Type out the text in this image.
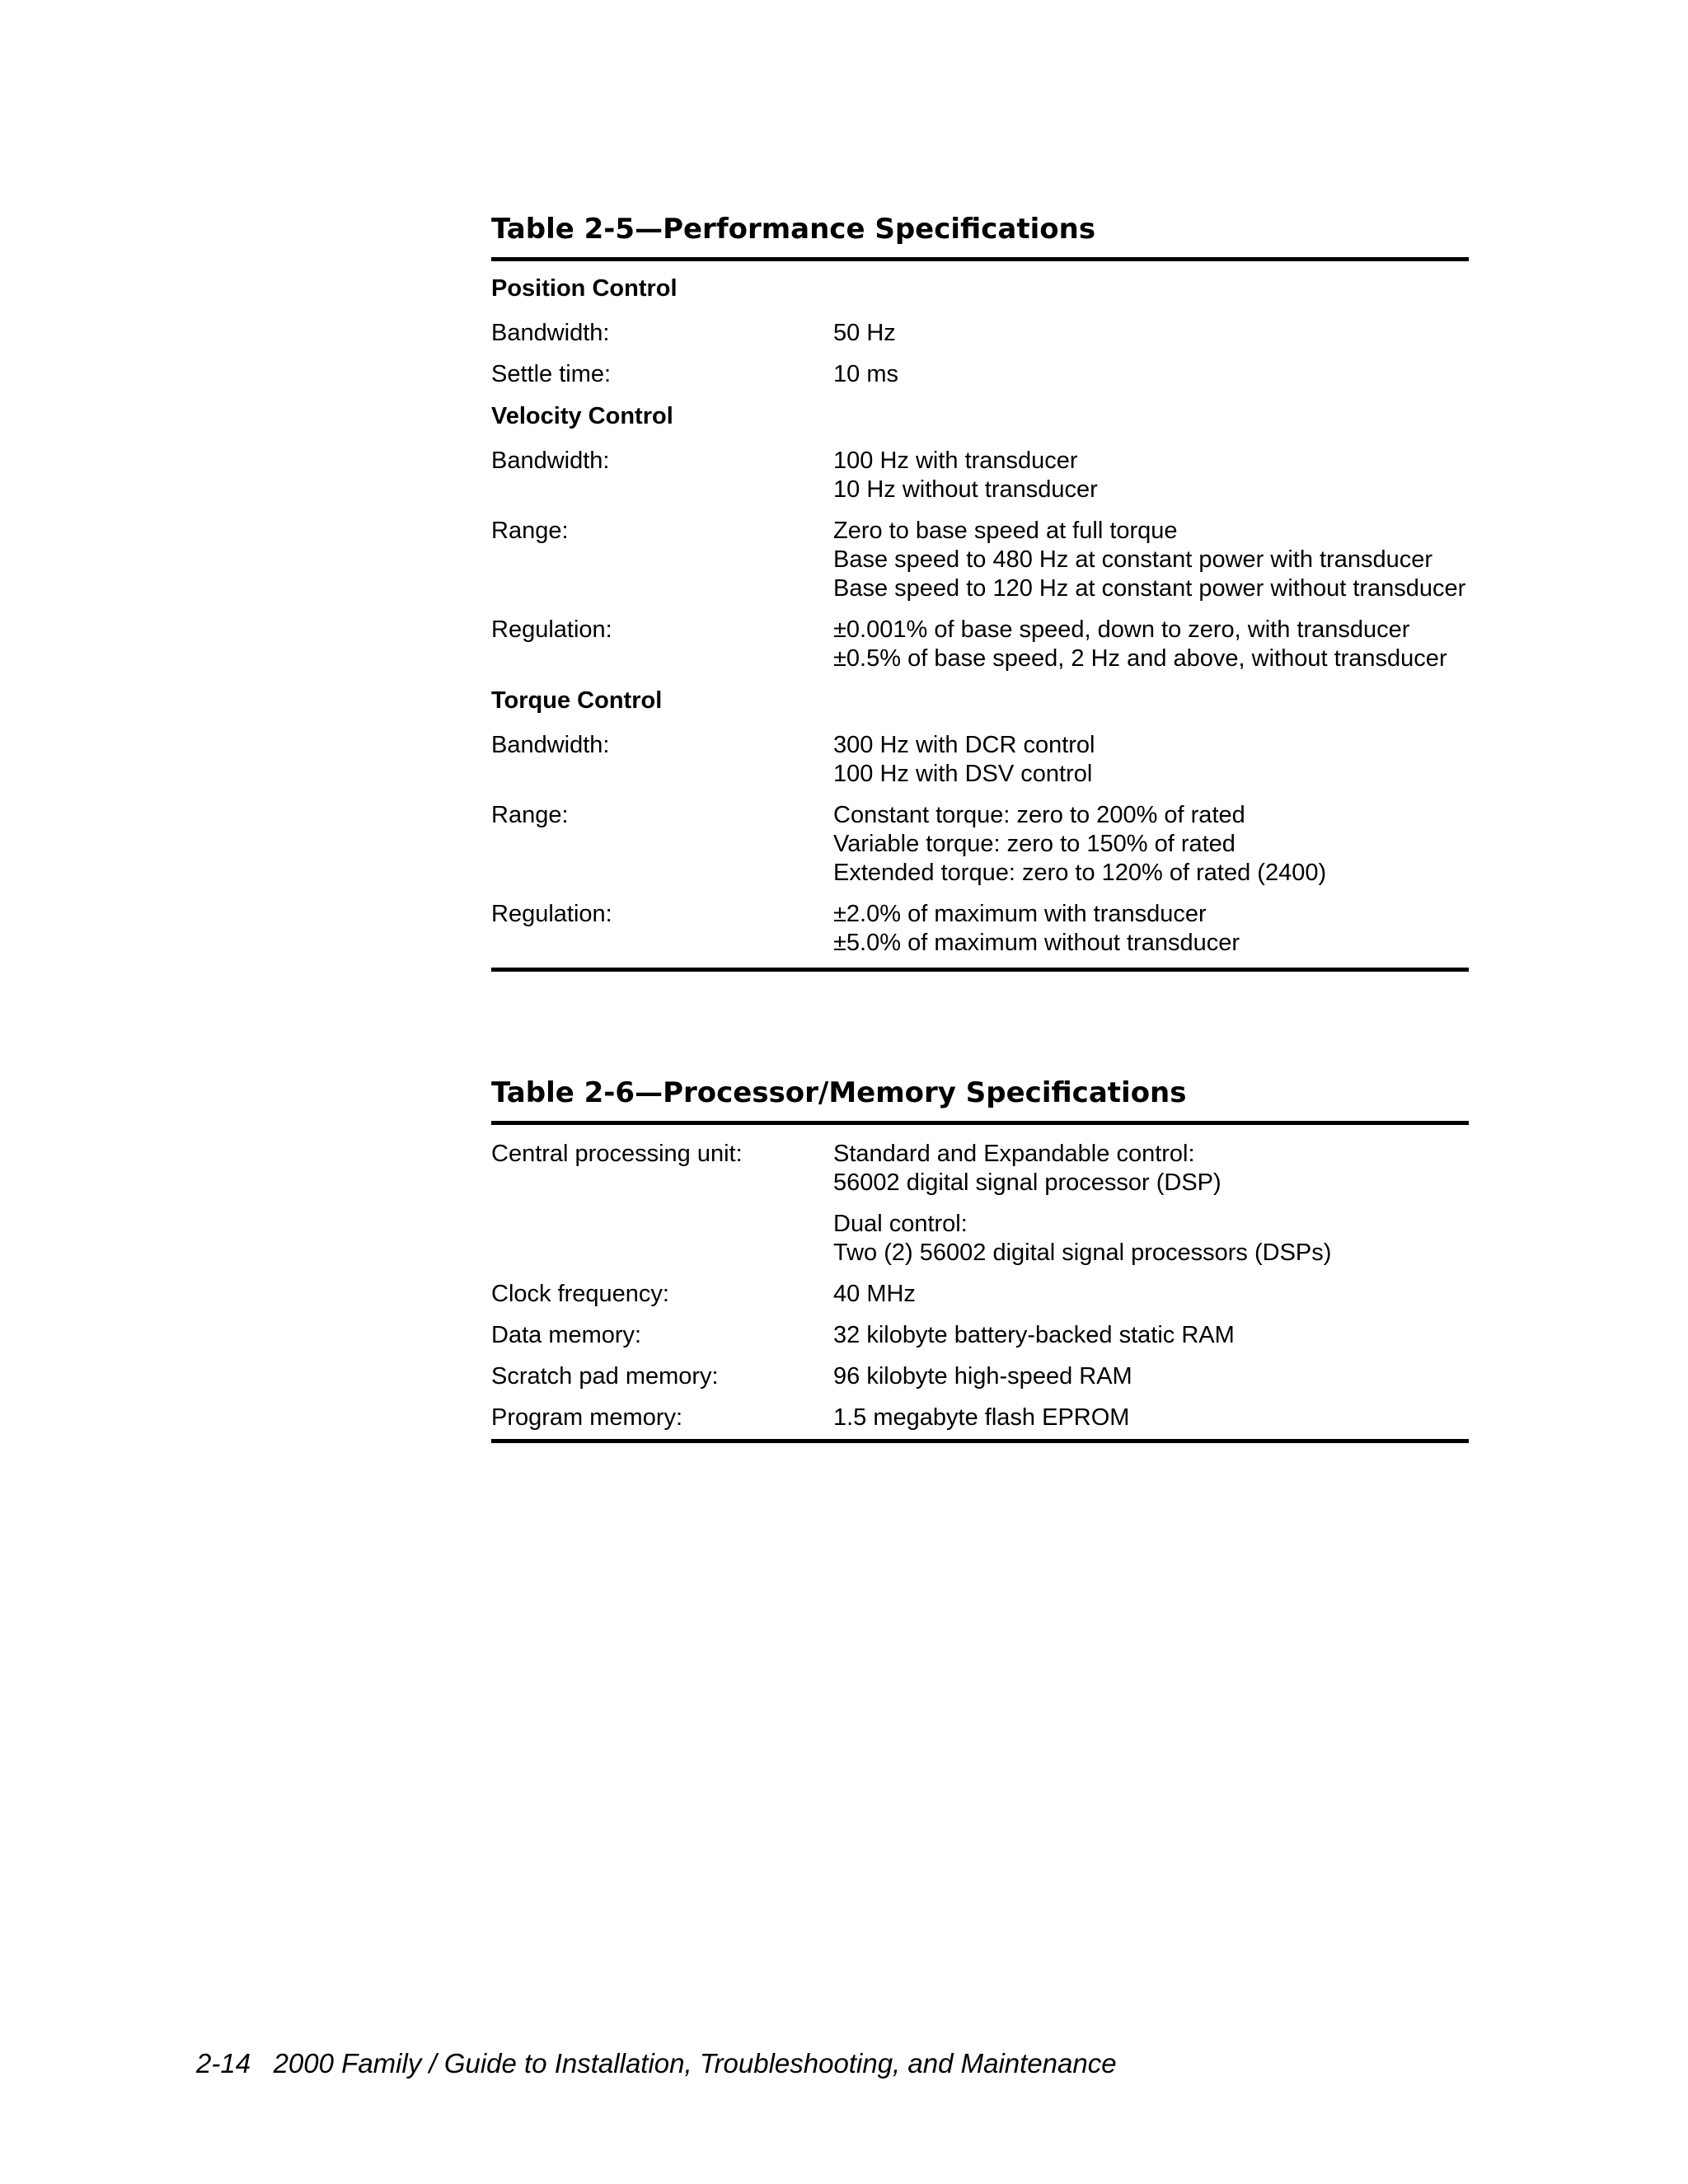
Table 2-5—Performance Specifications
Position Control
Bandwidth:	50 Hz
Settle time:	10 ms
Velocity Control
Bandwidth:	100 Hz with transducer
10 Hz without transducer
Range:	Zero to base speed at full torque
Base speed to 480 Hz at constant power with transducer
Base speed to 120 Hz at constant power without transducer
Regulation:	±0.001% of base speed, down to zero, with transducer
±0.5% of base speed, 2 Hz and above, without transducer
Torque Control
Bandwidth:	300 Hz with DCR control
100 Hz with DSV control
Range:	Constant torque: zero to 200% of rated
Variable torque: zero to 150% of rated
Extended torque: zero to 120% of rated (2400)
Regulation:	±2.0% of maximum with transducer
±5.0% of maximum without transducer
Table 2-6—Processor/Memory Specifications
Central processing unit:	Standard and Expandable control:
56002 digital signal processor (DSP)
Dual control:
Two (2) 56002 digital signal processors (DSPs)
Clock frequency:	40 MHz
Data memory:	32 kilobyte battery-backed static RAM
Scratch pad memory:	96 kilobyte high-speed RAM
Program memory:	1.5 megabyte flash EPROM
2-14 2000 Family / Guide to Installation, Troubleshooting, and Maintenance
